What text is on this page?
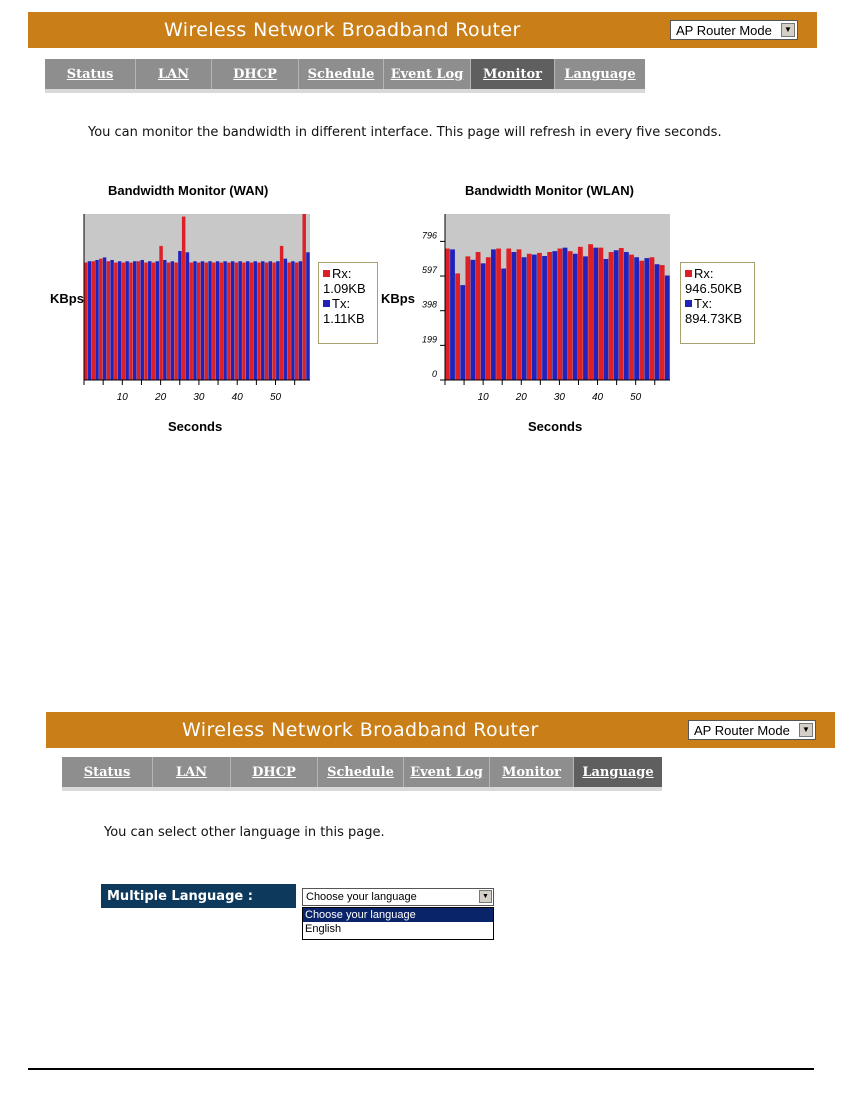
Wireless Network Broadband Router	AP Router Mode	▼
Status	LAN	DHCP	Schedule	Event Log	Monitor	Language
You can monitor the bandwidth in different interface. This page will refresh in every five seconds.
Bandwidth Monitor (WAN)
KBps
10	20	30	40	50
Seconds
Rx:
1.09KB
Tx:
1.11KB
Bandwidth Monitor (WLAN)
KBps
10	20	30	40	50
0
199
398
597
796
Seconds
Rx:
946.50KB
Tx:
894.73KB
Wireless Network Broadband Router	AP Router Mode	▼
Status	LAN	DHCP	Schedule	Event Log	Monitor	Language
You can select other language in this page.
Multiple Language :	Choose your language	▼
Choose your language
English
